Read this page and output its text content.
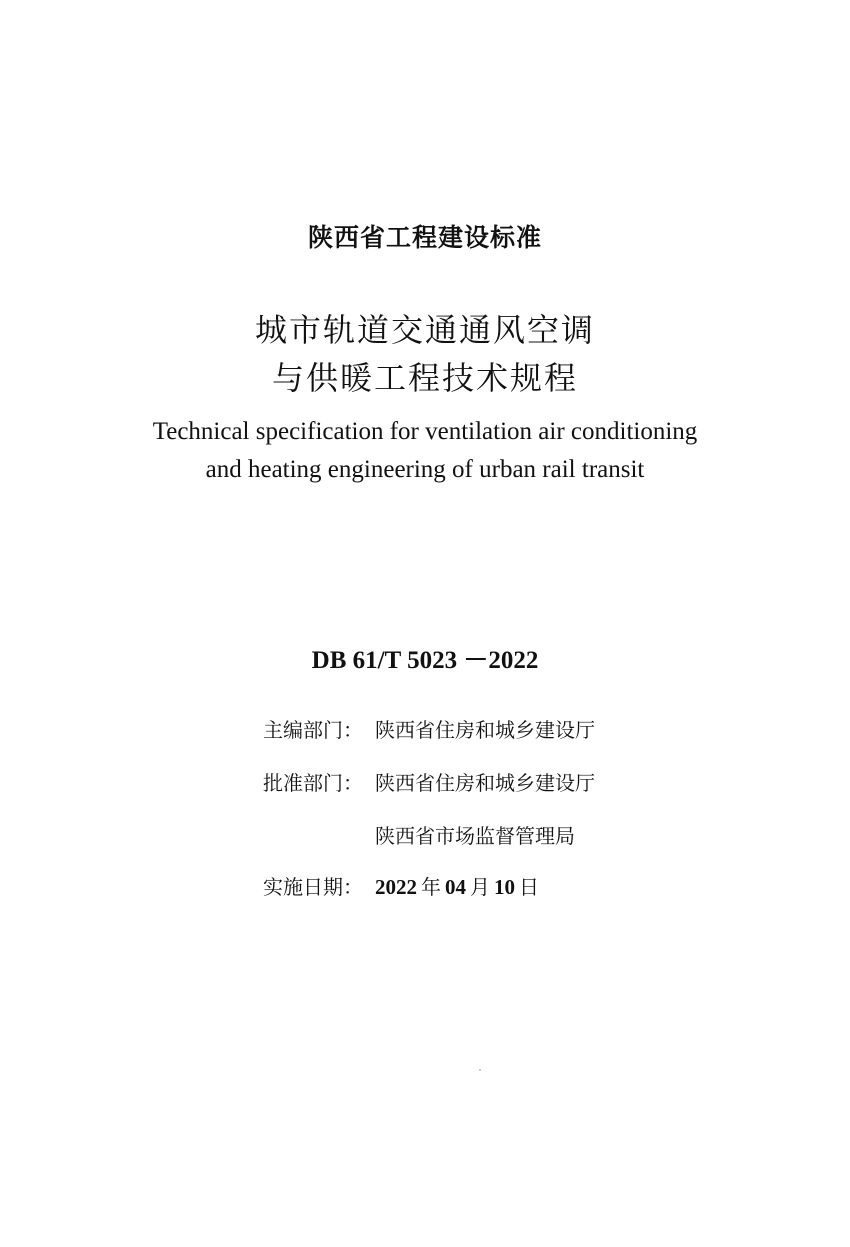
陕西省工程建设标准
城市轨道交通通风空调
与供暖工程技术规程
Technical specification for ventilation air conditioning
and heating engineering of urban rail transit
DB 61/T 5023 －2022
主编部门： 陕西省住房和城乡建设厅
批准部门： 陕西省住房和城乡建设厅
陕西省市场监督管理局
实施日期： 2022 年 04 月 10 日
